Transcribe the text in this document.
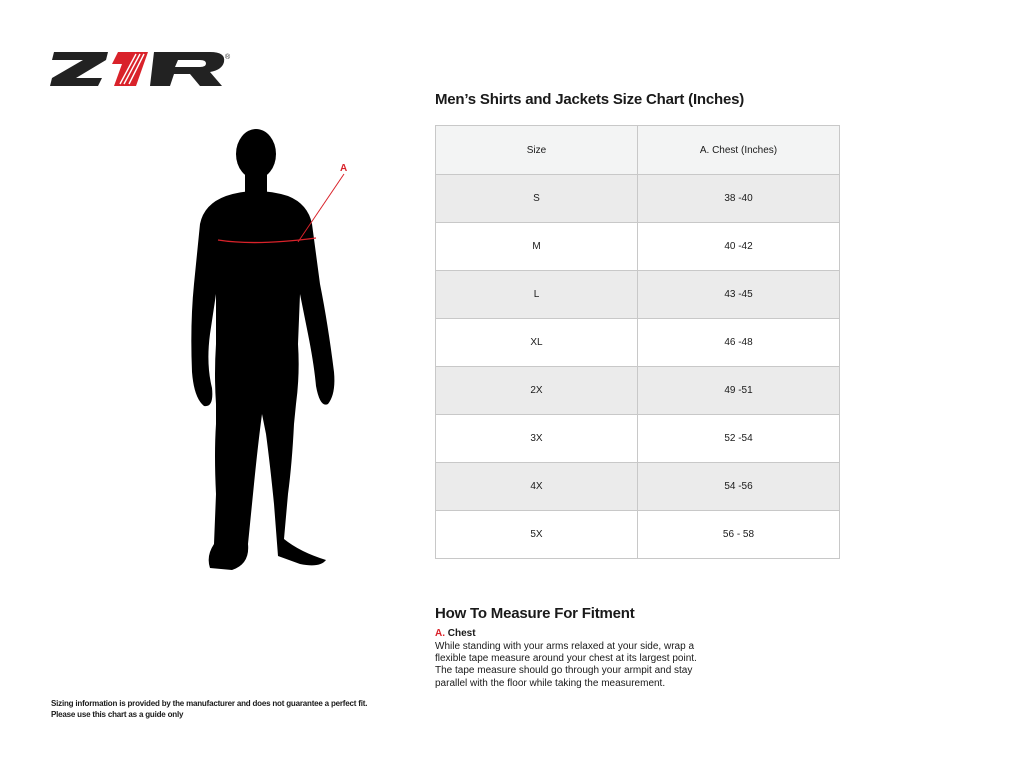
®
A
Men’s Shirts and Jackets Size Chart (Inches)
Size	A. Chest (Inches)
S	38 -40
M	40 -42
L	43 -45
XL	46 -48
2X	49 -51
3X	52 -54
4X	54 -56
5X	56 - 58
How To Measure For Fitment
A. Chest
While standing with your arms relaxed at your side, wrap a
flexible tape measure around your chest at its largest point.
The tape measure should go through your armpit and stay
parallel with the floor while taking the measurement.
Sizing information is provided by the manufacturer and does not guarantee a perfect fit.
Please use this chart as a guide only
